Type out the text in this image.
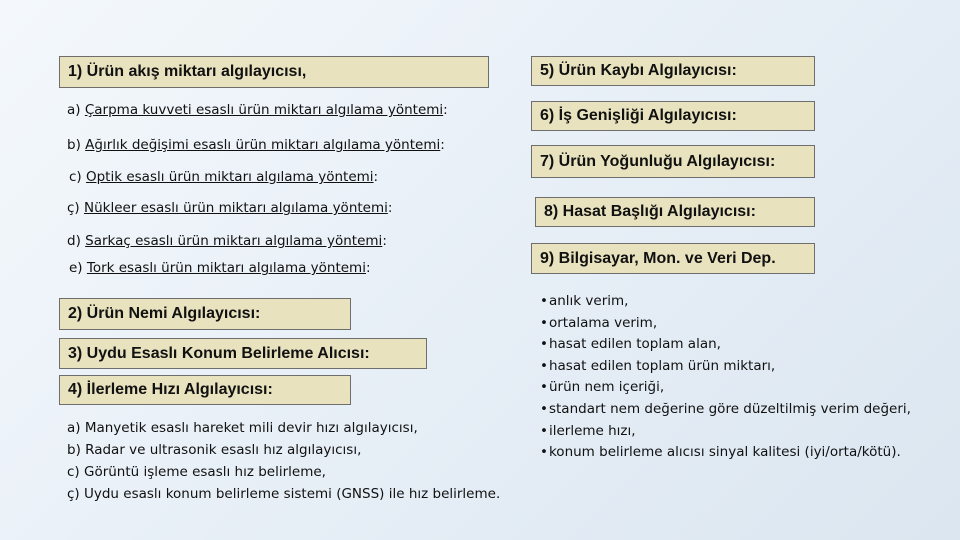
1) Ürün akış miktarı algılayıcısı,
2) Ürün Nemi Algılayıcısı:
3) Uydu Esaslı Konum Belirleme Alıcısı:
4) İlerleme Hızı Algılayıcısı:
5) Ürün Kaybı Algılayıcısı:
6) İş Genişliği Algılayıcısı:
7) Ürün Yoğunluğu Algılayıcısı:
8) Hasat Başlığı Algılayıcısı:
9) Bilgisayar, Mon. ve Veri Dep.
a) Çarpma kuvveti esaslı ürün miktarı algılama yöntemi:
b) Ağırlık değişimi esaslı ürün miktarı algılama yöntemi:
c) Optik esaslı ürün miktarı algılama yöntemi:
ç) Nükleer esaslı ürün miktarı algılama yöntemi:
d) Sarkaç esaslı ürün miktarı algılama yöntemi:
e) Tork esaslı ürün miktarı algılama yöntemi:
a) Manyetik esaslı hareket mili devir hızı algılayıcısı,
b) Radar ve ultrasonik esaslı hız algılayıcısı,
c) Görüntü işleme esaslı hız belirleme,
ç) Uydu esaslı konum belirleme sistemi (GNSS) ile hız belirleme.
• anlık verim,
• ortalama verim,
• hasat edilen toplam alan,
• hasat edilen toplam ürün miktarı,
• ürün nem içeriği,
• standart nem değerine göre düzeltilmiş verim değeri,
• ilerleme hızı,
• konum belirleme alıcısı sinyal kalitesi (iyi/orta/kötü).
